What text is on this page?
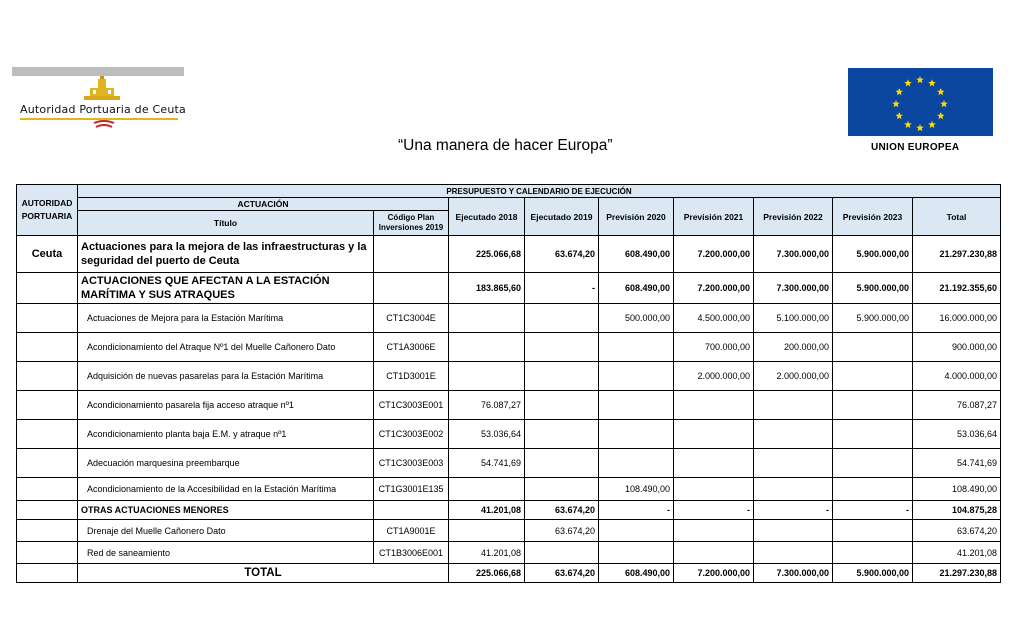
Autoridad Portuaria de Ceuta
“Una manera de hacer Europa”	UNION EUROPEA
AUTORIDAD PORTUARIA	PRESUPUESTO Y CALENDARIO DE EJECUCIÓN								
	ACTUACIÓN		Ejecutado 2018	Ejecutado 2019	Previsión 2020	Previsión 2021	Previsión 2022	Previsión 2023	Total
	Título	Código Plan Inversiones 2019							
Ceuta	Actuaciones para la mejora de las infraestructuras y la seguridad del puerto de Ceuta		225.066,68	63.674,20	608.490,00	7.200.000,00	7.300.000,00	5.900.000,00	21.297.230,88
	ACTUACIONES QUE AFECTAN A LA ESTACIÓN MARÍTIMA Y SUS ATRAQUES		183.865,60	-	608.490,00	7.200.000,00	7.300.000,00	5.900.000,00	21.192.355,60
	Actuaciones de Mejora para la Estación Marítima	CT1C3004E			500.000,00	4.500.000,00	5.100.000,00	5.900.000,00	16.000.000,00
	Acondicionamiento del Atraque Nº1 del Muelle Cañonero Dato	CT1A3006E				700.000,00	200.000,00		900.000,00
	Adquisición de nuevas pasarelas para la Estación Marítima	CT1D3001E				2.000.000,00	2.000.000,00		4.000.000,00
	Acondicionamiento pasarela fija acceso atraque nº1	CT1C3003E001	76.087,27						76.087,27
	Acondicionamiento planta baja E.M. y atraque nº1	CT1C3003E002	53.036,64						53.036,64
	Adecuación marquesina preembarque	CT1C3003E003	54.741,69						54.741,69
	Acondicionamiento de la Accesibilidad en la Estación Marítima	CT1G3001E135			108.490,00				108.490,00
	OTRAS ACTUACIONES MENORES		41.201,08	63.674,20	-	-	-	-	104.875,28
	Drenaje del Muelle Cañonero Dato	CT1A9001E		63.674,20					63.674,20
	Red de saneamiento	CT1B3006E001	41.201,08						41.201,08
	TOTAL		225.066,68	63.674,20	608.490,00	7.200.000,00	7.300.000,00	5.900.000,00	21.297.230,88
